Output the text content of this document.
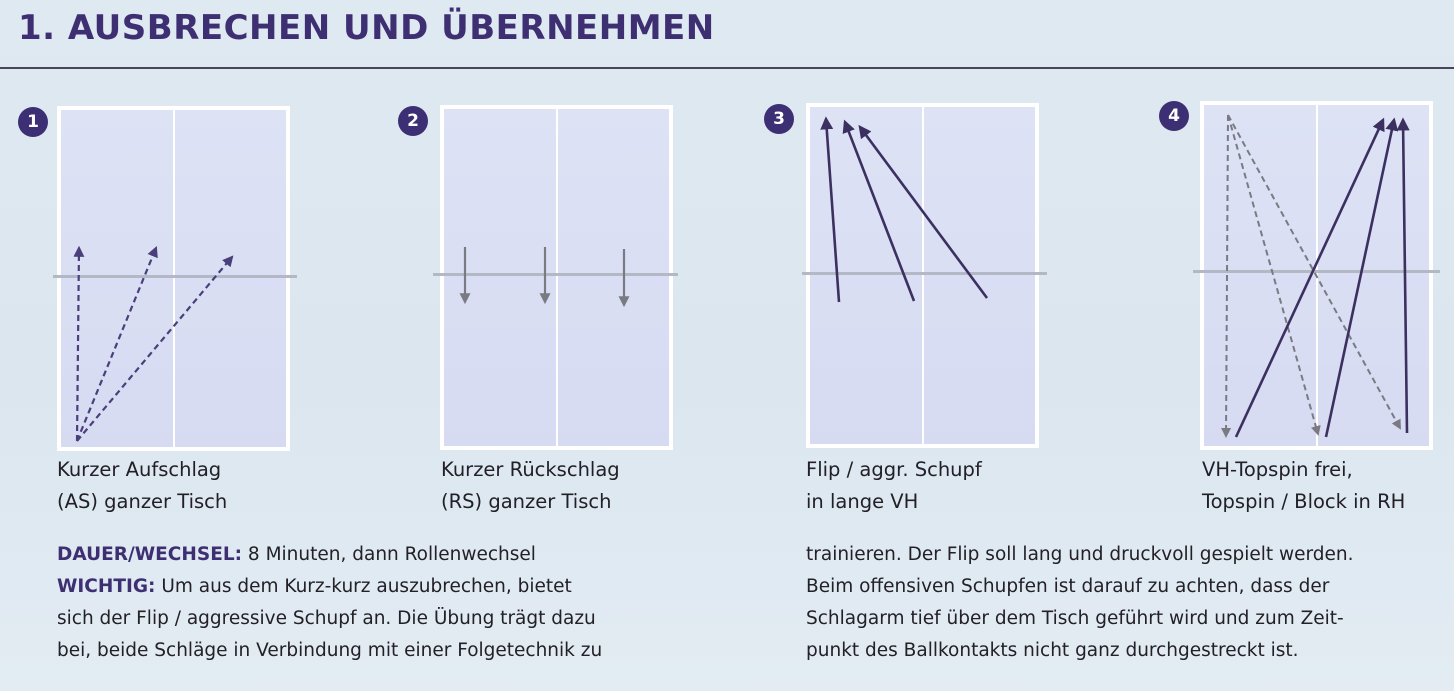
1. AUSBRECHEN UND ÜBERNEHMEN
1	2	3	4
Kurzer Aufschlag
(AS) ganzer Tisch
Kurzer Rückschlag
(RS) ganzer Tisch
Flip / aggr. Schupf
in lange VH
VH-Topspin frei,
Topspin / Block in RH
DAUER/WECHSEL: 8 Minuten, dann Rollenwechsel
WICHTIG: Um aus dem Kurz-kurz auszubrechen, bietet
sich der Flip / aggressive Schupf an. Die Übung trägt dazu
bei, beide Schläge in Verbindung mit einer Folgetechnik zu
trainieren. Der Flip soll lang und druckvoll gespielt werden.
Beim offensiven Schupfen ist darauf zu achten, dass der
Schlagarm tief über dem Tisch geführt wird und zum Zeit-
punkt des Ballkontakts nicht ganz durchgestreckt ist.
